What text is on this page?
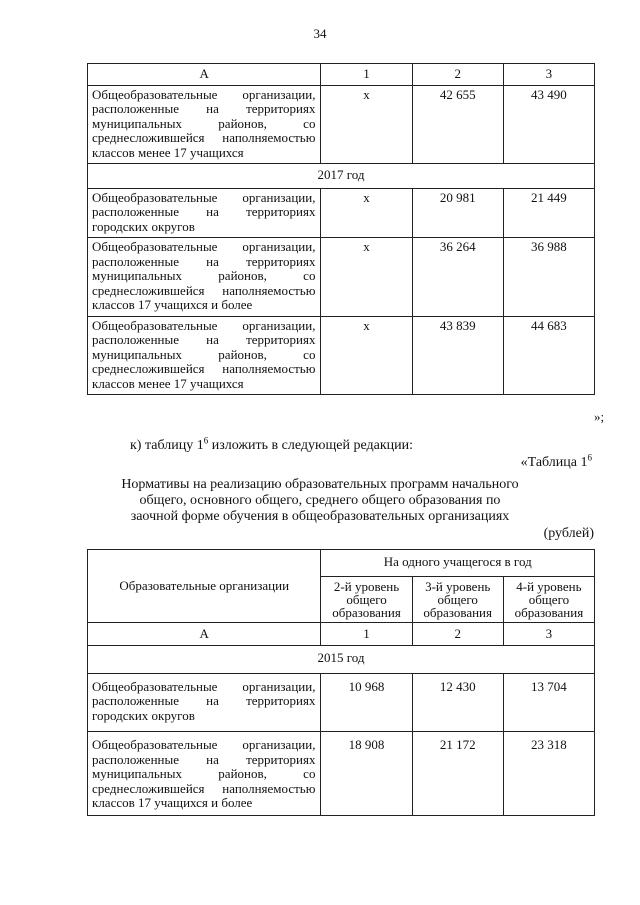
34
А	1	2	3
Общеобразовательные организации, расположенные на территориях муниципальных районов, со среднесложившейся наполняемостью классов менее 17 учащихся	х	42 655	43 490
2017 год			
Общеобразовательные организации, расположенные на территориях городских округов	х	20 981	21 449
Общеобразовательные организации, расположенные на территориях муниципальных районов, со среднесложившейся наполняемостью классов 17 учащихся и более	х	36 264	36 988
Общеобразовательные организации, расположенные на территориях муниципальных районов, со среднесложившейся наполняемостью классов менее 17 учащихся	х	43 839	44 683
»;
к) таблицу $1^6$ изложить в следующей редакции:
«Таблица $1^6$
Нормативы на реализацию образовательных программ начального общего, основного общего, среднего общего образования по заочной форме обучения в общеобразовательных организациях
(рублей)
Образовательные организации	На одного учащегося в год		
	2-й уровень общего образования	3-й уровень общего образования	4-й уровень общего образования
А	1	2	3
2015 год			
Общеобразовательные организации, расположенные на территориях городских округов	10 968	12 430	13 704
Общеобразовательные организации, расположенные на территориях муниципальных районов, со среднесложившейся наполняемостью классов 17 учащихся и более	18 908	21 172	23 318
